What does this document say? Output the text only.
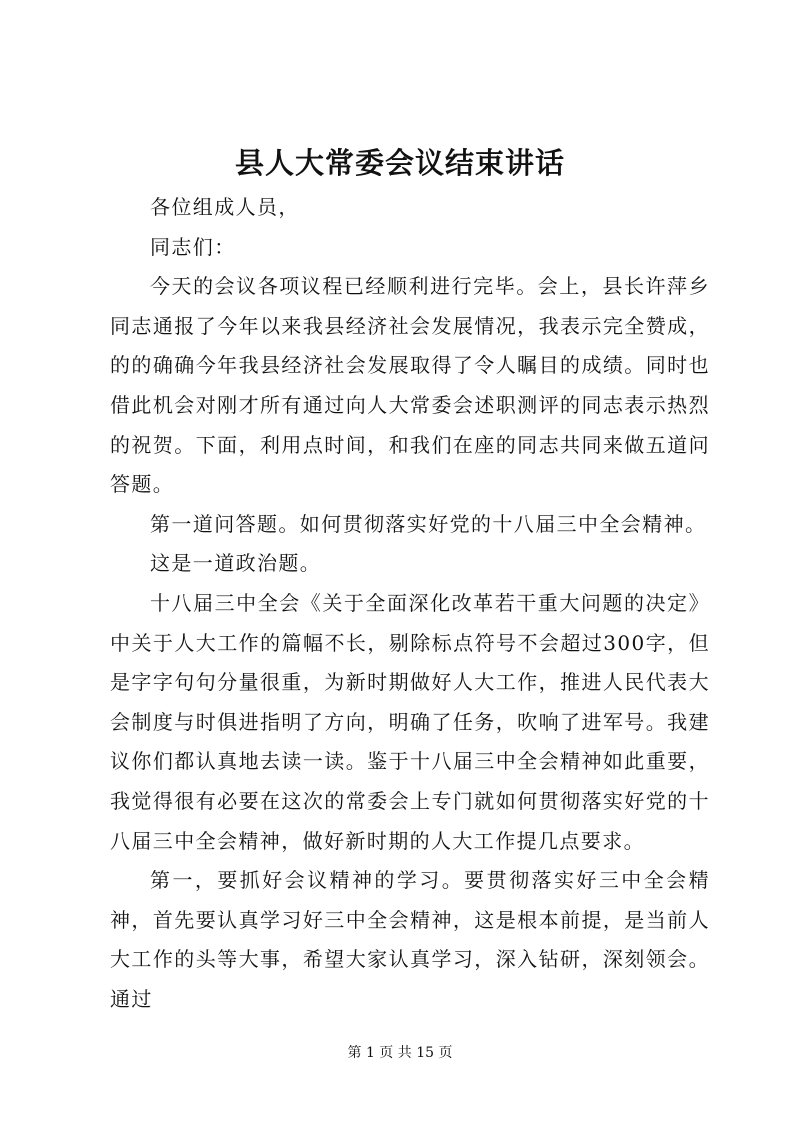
县人大常委会议结束讲话

各位组成人员，

同志们：

今天的会议各项议程已经顺利进行完毕。会上，县长许萍乡同志通报了今年以来我县经济社会发展情况，我表示完全赞成，的的确确今年我县经济社会发展取得了令人瞩目的成绩。同时也借此机会对刚才所有通过向人大常委会述职测评的同志表示热烈的祝贺。下面，利用点时间，和我们在座的同志共同来做五道问答题。

第一道问答题。如何贯彻落实好党的十八届三中全会精神。

这是一道政治题。

十八届三中全会《关于全面深化改革若干重大问题的决定》中关于人大工作的篇幅不长，剔除标点符号不会超过300字，但是字字句句分量很重，为新时期做好人大工作，推进人民代表大会制度与时俱进指明了方向，明确了任务，吹响了进军号。我建议你们都认真地去读一读。鉴于十八届三中全会精神如此重要，我觉得很有必要在这次的常委会上专门就如何贯彻落实好党的十八届三中全会精神，做好新时期的人大工作提几点要求。

第一，要抓好会议精神的学习。要贯彻落实好三中全会精神，首先要认真学习好三中全会精神，这是根本前提，是当前人大工作的头等大事，希望大家认真学习，深入钻研，深刻领会。通过

第 1 页 共 15 页
